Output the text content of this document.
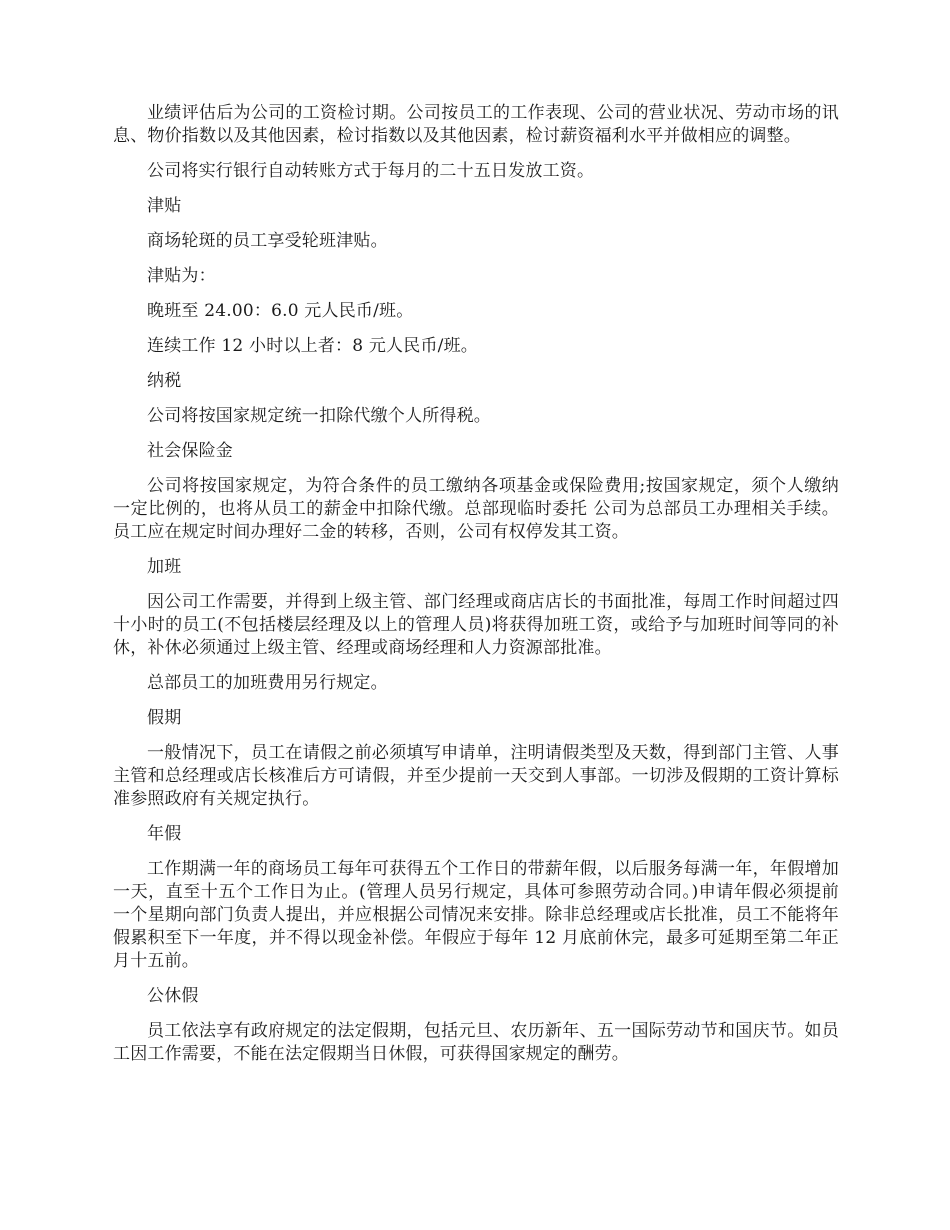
业绩评估后为公司的工资检讨期。公司按员工的工作表现、公司的营业状况、劳动市场的讯息、物价指数以及其他因素，检讨指数以及其他因素，检讨薪资福利水平并做相应的调整。

公司将实行银行自动转账方式于每月的二十五日发放工资。

津贴

商场轮斑的员工享受轮班津贴。

津贴为：

晚班至 24.00：6.0 元人民币/班。

连续工作 12 小时以上者：8 元人民币/班。

纳税

公司将按国家规定统一扣除代缴个人所得税。

社会保险金

公司将按国家规定，为符合条件的员工缴纳各项基金或保险费用;按国家规定，须个人缴纳一定比例的，也将从员工的薪金中扣除代缴。总部现临时委托 公司为总部员工办理相关手续。员工应在规定时间办理好二金的转移，否则，公司有权停发其工资。

加班

因公司工作需要，并得到上级主管、部门经理或商店店长的书面批准，每周工作时间超过四十小时的员工(不包括楼层经理及以上的管理人员)将获得加班工资，或给予与加班时间等同的补休，补休必须通过上级主管、经理或商场经理和人力资源部批准。

总部员工的加班费用另行规定。

假期

一般情况下，员工在请假之前必须填写申请单，注明请假类型及天数，得到部门主管、人事主管和总经理或店长核准后方可请假，并至少提前一天交到人事部。一切涉及假期的工资计算标准参照政府有关规定执行。

年假

工作期满一年的商场员工每年可获得五个工作日的带薪年假，以后服务每满一年，年假增加一天，直至十五个工作日为止。(管理人员另行规定，具体可参照劳动合同。)申请年假必须提前一个星期向部门负责人提出，并应根据公司情况来安排。除非总经理或店长批准，员工不能将年假累积至下一年度，并不得以现金补偿。年假应于每年 12 月底前休完，最多可延期至第二年正月十五前。

公休假

员工依法享有政府规定的法定假期，包括元旦、农历新年、五一国际劳动节和国庆节。如员工因工作需要，不能在法定假期当日休假，可获得国家规定的酬劳。
